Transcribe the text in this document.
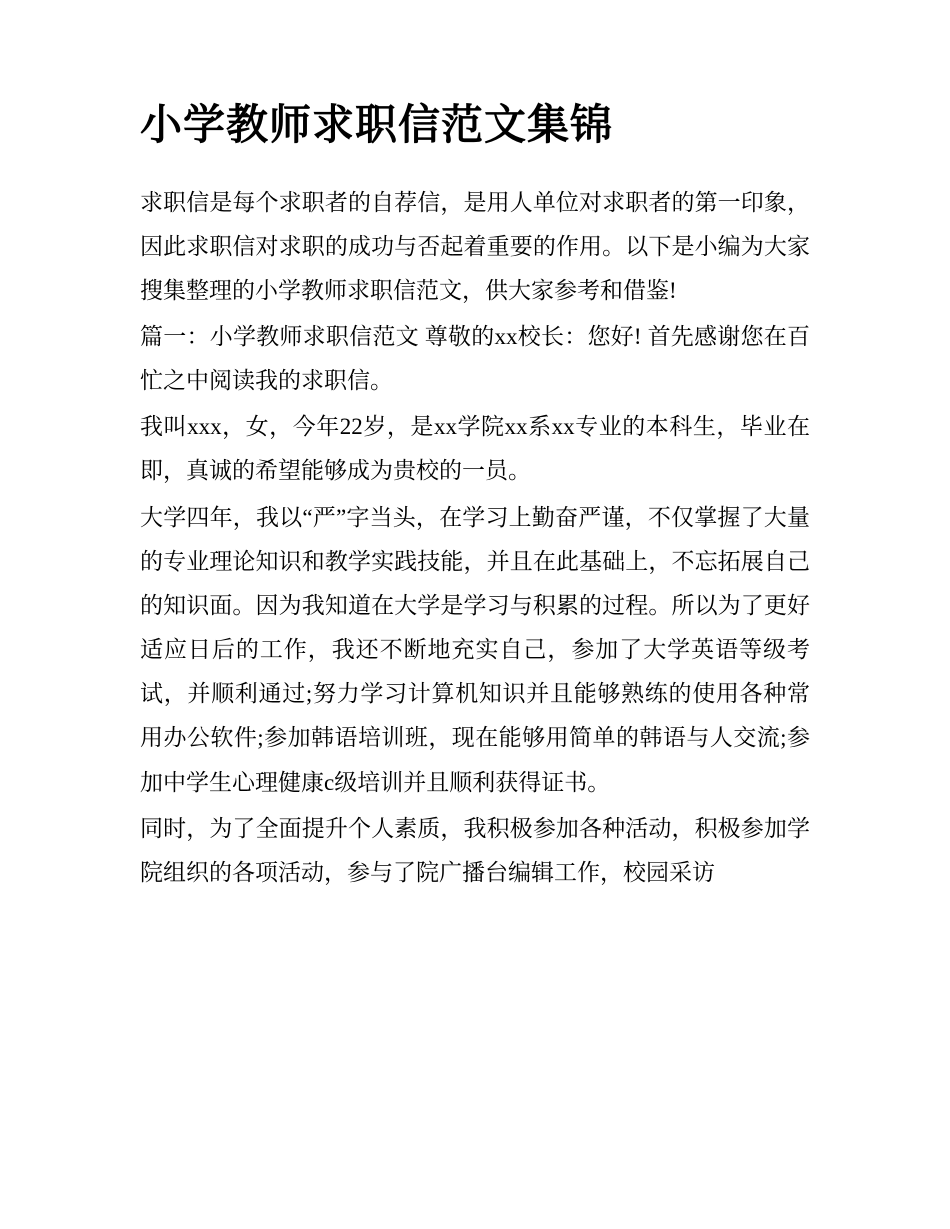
小学教师求职信范文集锦

求职信是每个求职者的自荐信，是用人单位对求职者的第一印象，因此求职信对求职的成功与否起着重要的作用。以下是小编为大家搜集整理的小学教师求职信范文，供大家参考和借鉴!

篇一：小学教师求职信范文 尊敬的xx校长：您好! 首先感谢您在百忙之中阅读我的求职信。

我叫xxx，女，今年22岁，是xx学院xx系xx专业的本科生，毕业在即，真诚的希望能够成为贵校的一员。

大学四年，我以“严”字当头，在学习上勤奋严谨，不仅掌握了大量的专业理论知识和教学实践技能，并且在此基础上，不忘拓展自己的知识面。因为我知道在大学是学习与积累的过程。所以为了更好适应日后的工作，我还不断地充实自己，参加了大学英语等级考试，并顺利通过;努力学习计算机知识并且能够熟练的使用各种常用办公软件;参加韩语培训班，现在能够用简单的韩语与人交流;参加中学生心理健康c级培训并且顺利获得证书。

同时，为了全面提升个人素质，我积极参加各种活动，积极参加学院组织的各项活动，参与了院广播台编辑工作，校园采访
